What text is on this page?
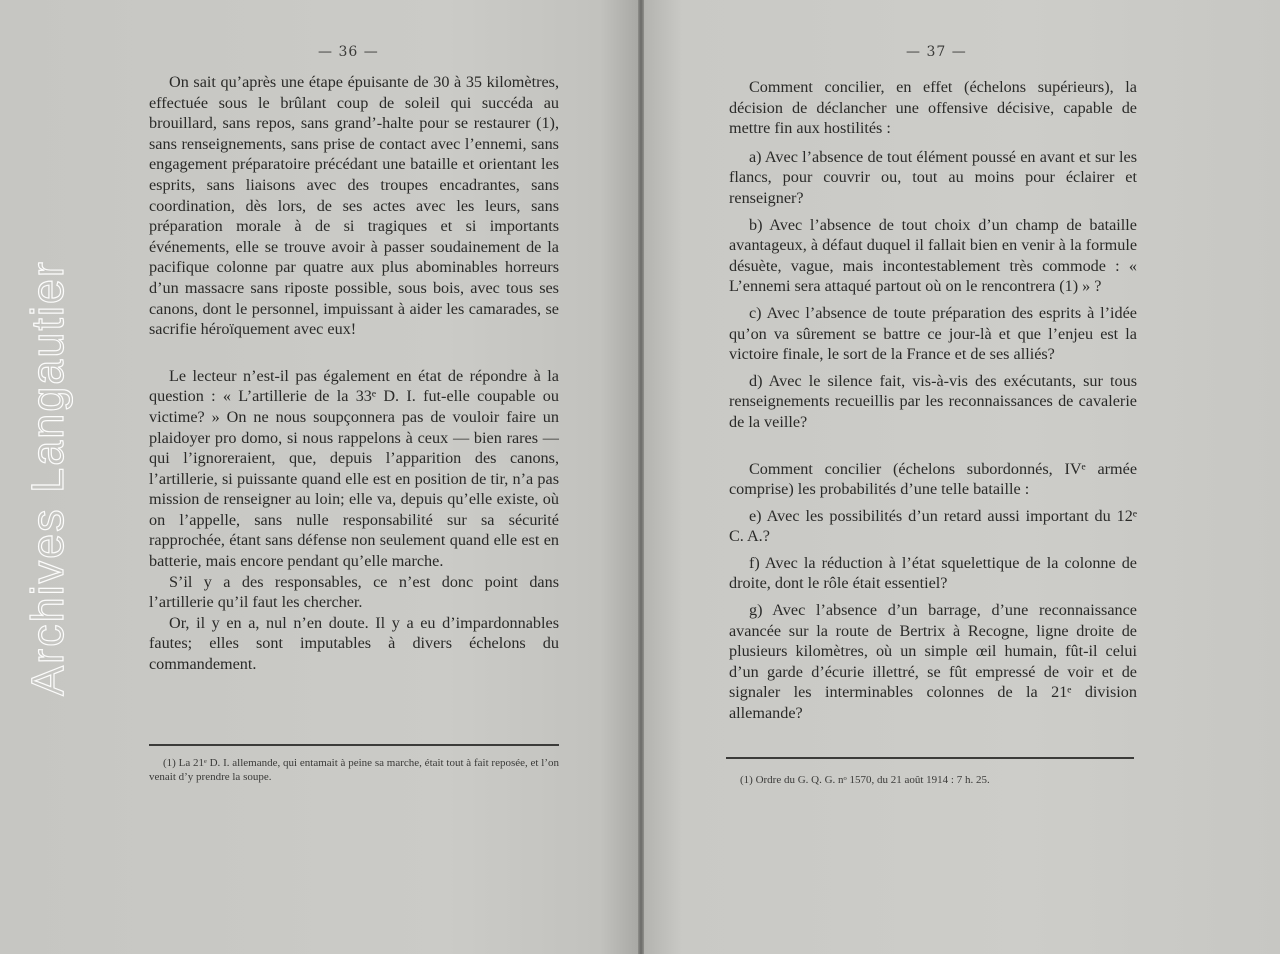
— 36 —

On sait qu’après une étape épuisante de 30 à 35 kilomètres, effectuée sous le brûlant coup de soleil qui succéda au brouillard, sans repos, sans grand’-halte pour se restaurer (1), sans renseignements, sans prise de contact avec l’ennemi, sans engagement préparatoire précédant une bataille et orientant les esprits, sans liaisons avec des troupes encadrantes, sans coordination, dès lors, de ses actes avec les leurs, sans préparation morale à de si tragiques et si importants événements, elle se trouve avoir à passer soudainement de la pacifique colonne par quatre aux plus abominables horreurs d’un massacre sans riposte possible, sous bois, avec tous ses canons, dont le personnel, impuissant à aider les camarades, se sacrifie héroïquement avec eux!

Le lecteur n’est-il pas également en état de répondre à la question : « L’artillerie de la 33ᵉ D. I. fut-elle coupable ou victime? » On ne nous soupçonnera pas de vouloir faire un plaidoyer pro domo, si nous rappelons à ceux — bien rares — qui l’ignoreraient, que, depuis l’apparition des canons, l’artillerie, si puissante quand elle est en position de tir, n’a pas mission de renseigner au loin; elle va, depuis qu’elle existe, où on l’appelle, sans nulle responsabilité sur sa sécurité rapprochée, étant sans défense non seulement quand elle est en batterie, mais encore pendant qu’elle marche.

S’il y a des responsables, ce n’est donc point dans l’artillerie qu’il faut les chercher.

Or, il y en a, nul n’en doute. Il y a eu d’impardonnables fautes; elles sont imputables à divers échelons du commandement.

(1) La 21ᵉ D. I. allemande, qui entamait à peine sa marche, était tout à fait reposée, et l’on venait d’y prendre la soupe.

— 37 —

Comment concilier, en effet (échelons supérieurs), la décision de déclancher une offensive décisive, capable de mettre fin aux hostilités :

a) Avec l’absence de tout élément poussé en avant et sur les flancs, pour couvrir ou, tout au moins pour éclairer et renseigner?

b) Avec l’absence de tout choix d’un champ de bataille avantageux, à défaut duquel il fallait bien en venir à la formule désuète, vague, mais incontestablement très commode : « L’ennemi sera attaqué partout où on le rencontrera (1) » ?

c) Avec l’absence de toute préparation des esprits à l’idée qu’on va sûrement se battre ce jour-là et que l’enjeu est la victoire finale, le sort de la France et de ses alliés?

d) Avec le silence fait, vis-à-vis des exécutants, sur tous renseignements recueillis par les reconnaissances de cavalerie de la veille?

Comment concilier (échelons subordonnés, IVᵉ armée comprise) les probabilités d’une telle bataille :

e) Avec les possibilités d’un retard aussi important du 12ᵉ C. A.?

f) Avec la réduction à l’état squelettique de la colonne de droite, dont le rôle était essentiel?

g) Avec l’absence d’un barrage, d’une reconnaissance avancée sur la route de Bertrix à Recogne, ligne droite de plusieurs kilomètres, où un simple œil humain, fût-il celui d’un garde d’écurie illettré, se fût empressé de voir et de signaler les interminables colonnes de la 21ᵉ division allemande?

(1) Ordre du G. Q. G. nᵒ 1570, du 21 août 1914 : 7 h. 25.

Archives Langautier
